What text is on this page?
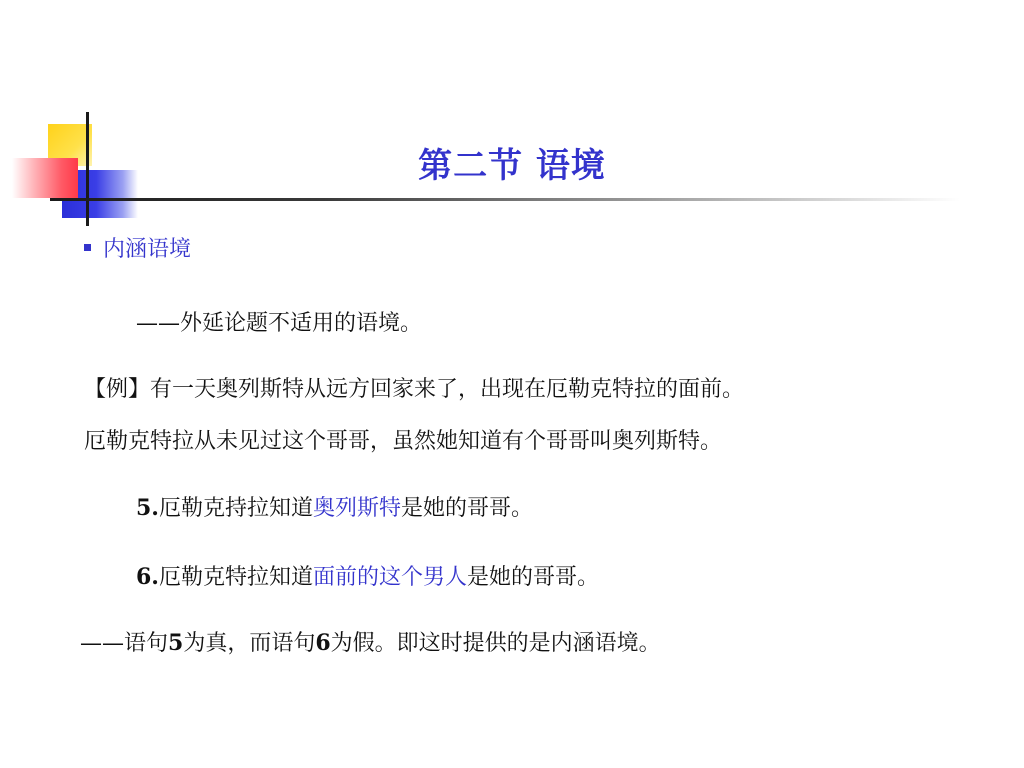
第二节 语境
内涵语境
——外延论题不适用的语境。
【例】有一天奥列斯特从远方回家来了，出现在厄勒克特拉的面前。
厄勒克特拉从未见过这个哥哥，虽然她知道有个哥哥叫奥列斯特。
5.厄勒克持拉知道奥列斯特是她的哥哥。
6.厄勒克特拉知道面前的这个男人是她的哥哥。
——语句5为真，而语句6为假。即这时提供的是内涵语境。
